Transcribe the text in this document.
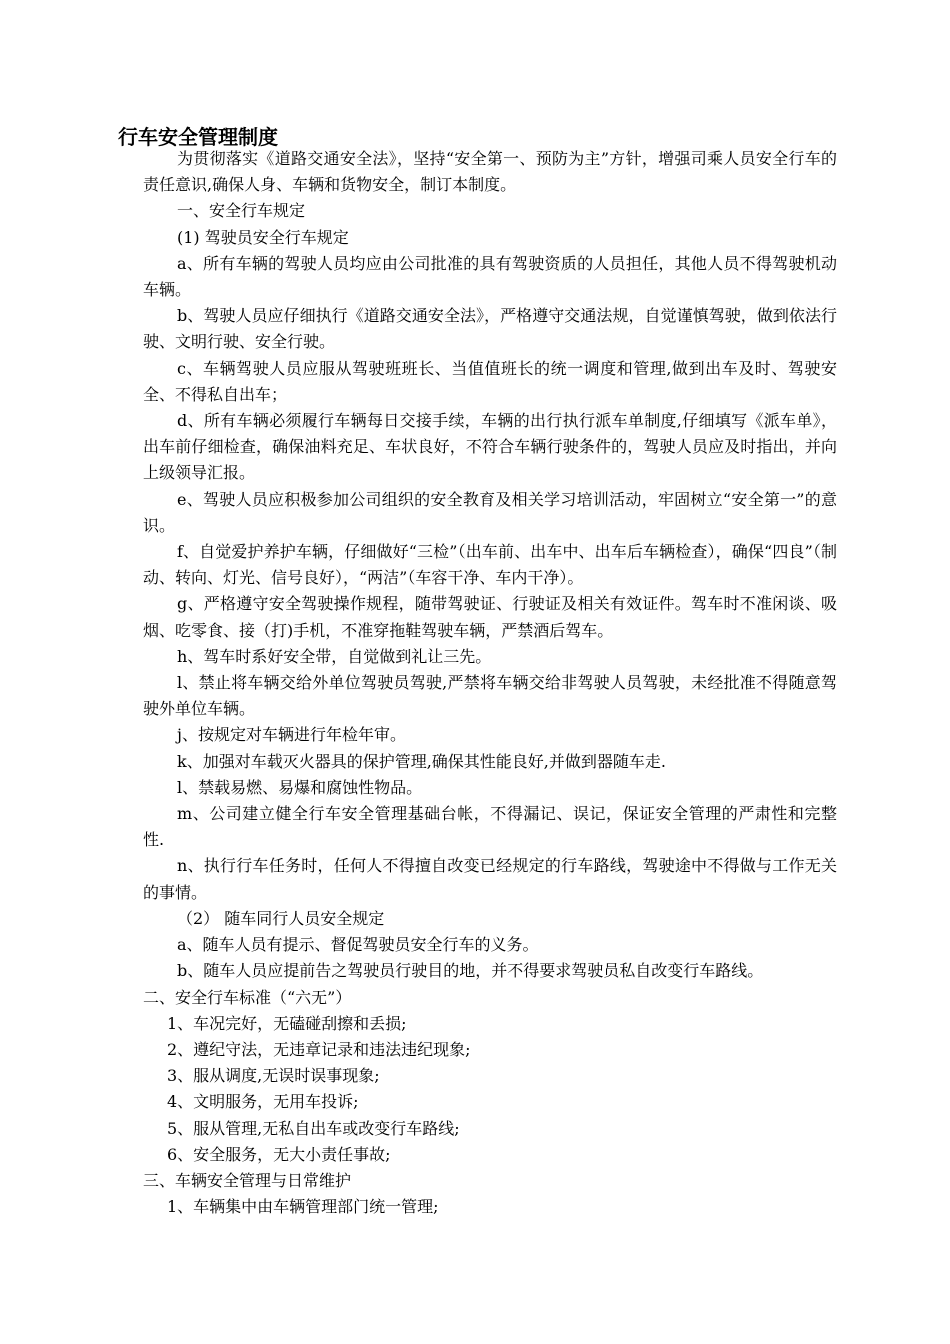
行车安全管理制度

为贯彻落实《道路交通安全法》，坚持“安全第一、预防为主”方针，增强司乘人员安全行车的责任意识,确保人身、车辆和货物安全，制订本制度。

一、安全行车规定

(1) 驾驶员安全行车规定

a、所有车辆的驾驶人员均应由公司批准的具有驾驶资质的人员担任，其他人员不得驾驶机动车辆。

b、驾驶人员应仔细执行《道路交通安全法》，严格遵守交通法规，自觉谨慎驾驶，做到依法行驶、文明行驶、安全行驶。

c、车辆驾驶人员应服从驾驶班班长、当值值班长的统一调度和管理,做到出车及时、驾驶安全、不得私自出车；

d、所有车辆必须履行车辆每日交接手续，车辆的出行执行派车单制度,仔细填写《派车单》，出车前仔细检查，确保油料充足、车状良好，不符合车辆行驶条件的，驾驶人员应及时指出，并向上级领导汇报。

e、驾驶人员应积极参加公司组织的安全教育及相关学习培训活动，牢固树立“安全第一”的意识。

f、自觉爱护养护车辆，仔细做好“三检”（出车前、出车中、出车后车辆检查），确保“四良”（制动、转向、灯光、信号良好），“两洁”（车容干净、车内干净）。

g、严格遵守安全驾驶操作规程，随带驾驶证、行驶证及相关有效证件。驾车时不准闲谈、吸烟、吃零食、接（打)手机，不准穿拖鞋驾驶车辆，严禁酒后驾车。

h、驾车时系好安全带，自觉做到礼让三先。

l、禁止将车辆交给外单位驾驶员驾驶,严禁将车辆交给非驾驶人员驾驶，未经批准不得随意驾驶外单位车辆。

j、按规定对车辆进行年检年审。

k、加强对车载灭火器具的保护管理,确保其性能良好,并做到器随车走.

l、禁载易燃、易爆和腐蚀性物品。

m、公司建立健全行车安全管理基础台帐，不得漏记、误记，保证安全管理的严肃性和完整性.

n、执行行车任务时，任何人不得擅自改变已经规定的行车路线，驾驶途中不得做与工作无关的事情。

（2） 随车同行人员安全规定

a、随车人员有提示、督促驾驶员安全行车的义务。

b、随车人员应提前告之驾驶员行驶目的地，并不得要求驾驶员私自改变行车路线。

二、安全行车标准（“六无”）

1、车况完好，无磕碰刮擦和丢损;

2、遵纪守法，无违章记录和违法违纪现象;

3、服从调度,无误时误事现象;

4、文明服务，无用车投诉;

5、服从管理,无私自出车或改变行车路线;

6、安全服务，无大小责任事故;

三、车辆安全管理与日常维护

1、车辆集中由车辆管理部门统一管理;
